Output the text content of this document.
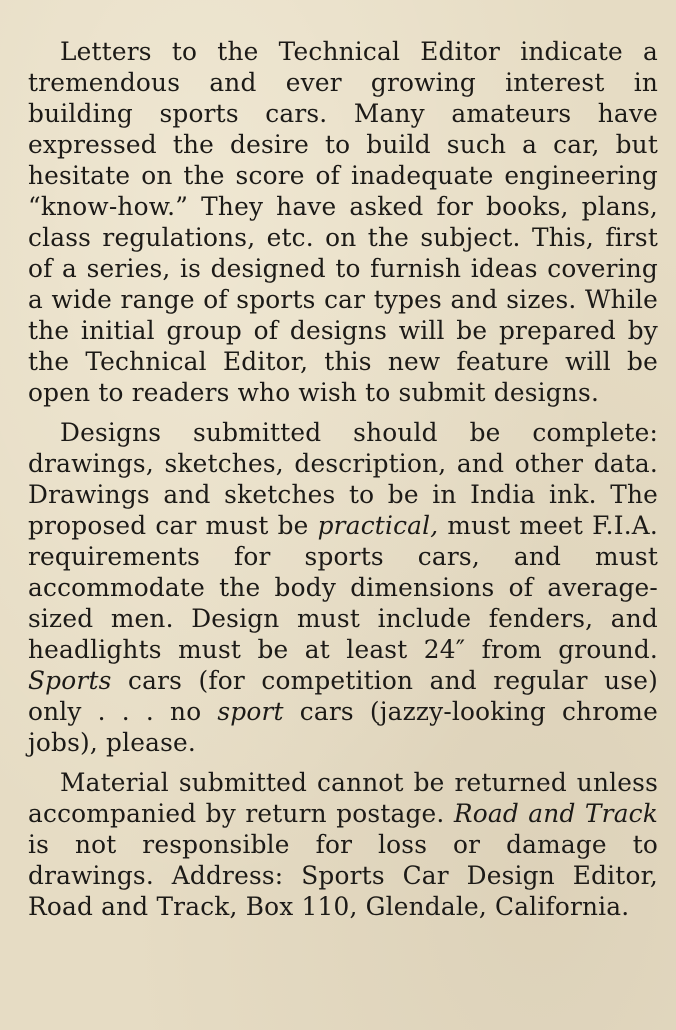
Letters to the Technical Editor indicate a tremendous and ever growing interest in building sports cars. Many amateurs have expressed the desire to build such a car, but hesitate on the score of inadequate engineering “know-how.” They have asked for books, plans, class regulations, etc. on the subject. This, first of a series, is designed to furnish ideas covering a wide range of sports car types and sizes. While the initial group of designs will be prepared by the Technical Editor, this new feature will be open to readers who wish to submit designs.

Designs submitted should be complete: drawings, sketches, description, and other data. Drawings and sketches to be in India ink. The proposed car must be practical, must meet F.I.A. requirements for sports cars, and must accommodate the body dimensions of average-sized men. Design must include fenders, and headlights must be at least 24″ from ground. Sports cars (for competition and regular use) only . . . no sport cars (jazzy-looking chrome jobs), please.

Material submitted cannot be returned unless accompanied by return postage. Road and Track is not responsible for loss or damage to drawings. Address: Sports Car Design Editor, Road and Track, Box 110, Glendale, California.
